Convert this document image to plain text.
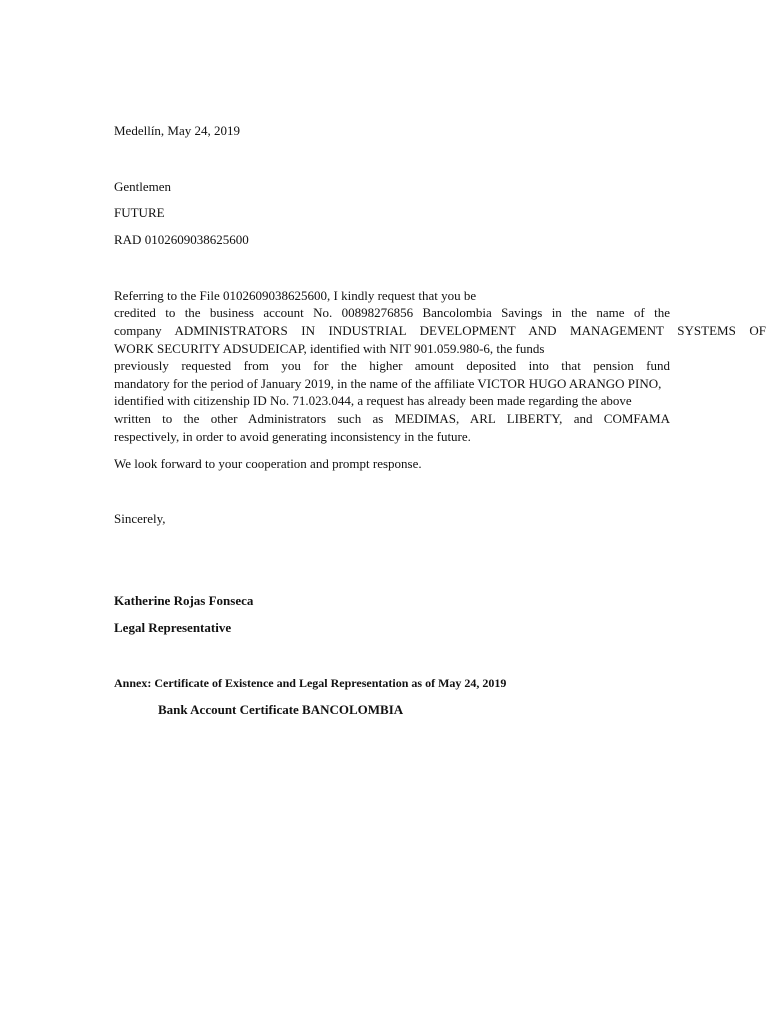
Medellín, May 24, 2019
Gentlemen
FUTURE
RAD 0102609038625600
Referring to the File 0102609038625600, I kindly request that you be
credited to the business account No. 00898276856 Bancolombia Savings in the name of the
company ADMINISTRATORS IN INDUSTRIAL DEVELOPMENT AND MANAGEMENT SYSTEMS OF
WORK SECURITY ADSUDEICAP, identified with NIT 901.059.980-6, the funds
previously requested from you for the higher amount deposited into that pension fund
mandatory for the period of January 2019, in the name of the affiliate VICTOR HUGO ARANGO PINO,
identified with citizenship ID No. 71.023.044, a request has already been made regarding the above
written to the other Administrators such as MEDIMAS, ARL LIBERTY, and COMFAMA
respectively, in order to avoid generating inconsistency in the future.
We look forward to your cooperation and prompt response.
Sincerely,
Katherine Rojas Fonseca
Legal Representative
Annex: Certificate of Existence and Legal Representation as of May 24, 2019
Bank Account Certificate BANCOLOMBIA
